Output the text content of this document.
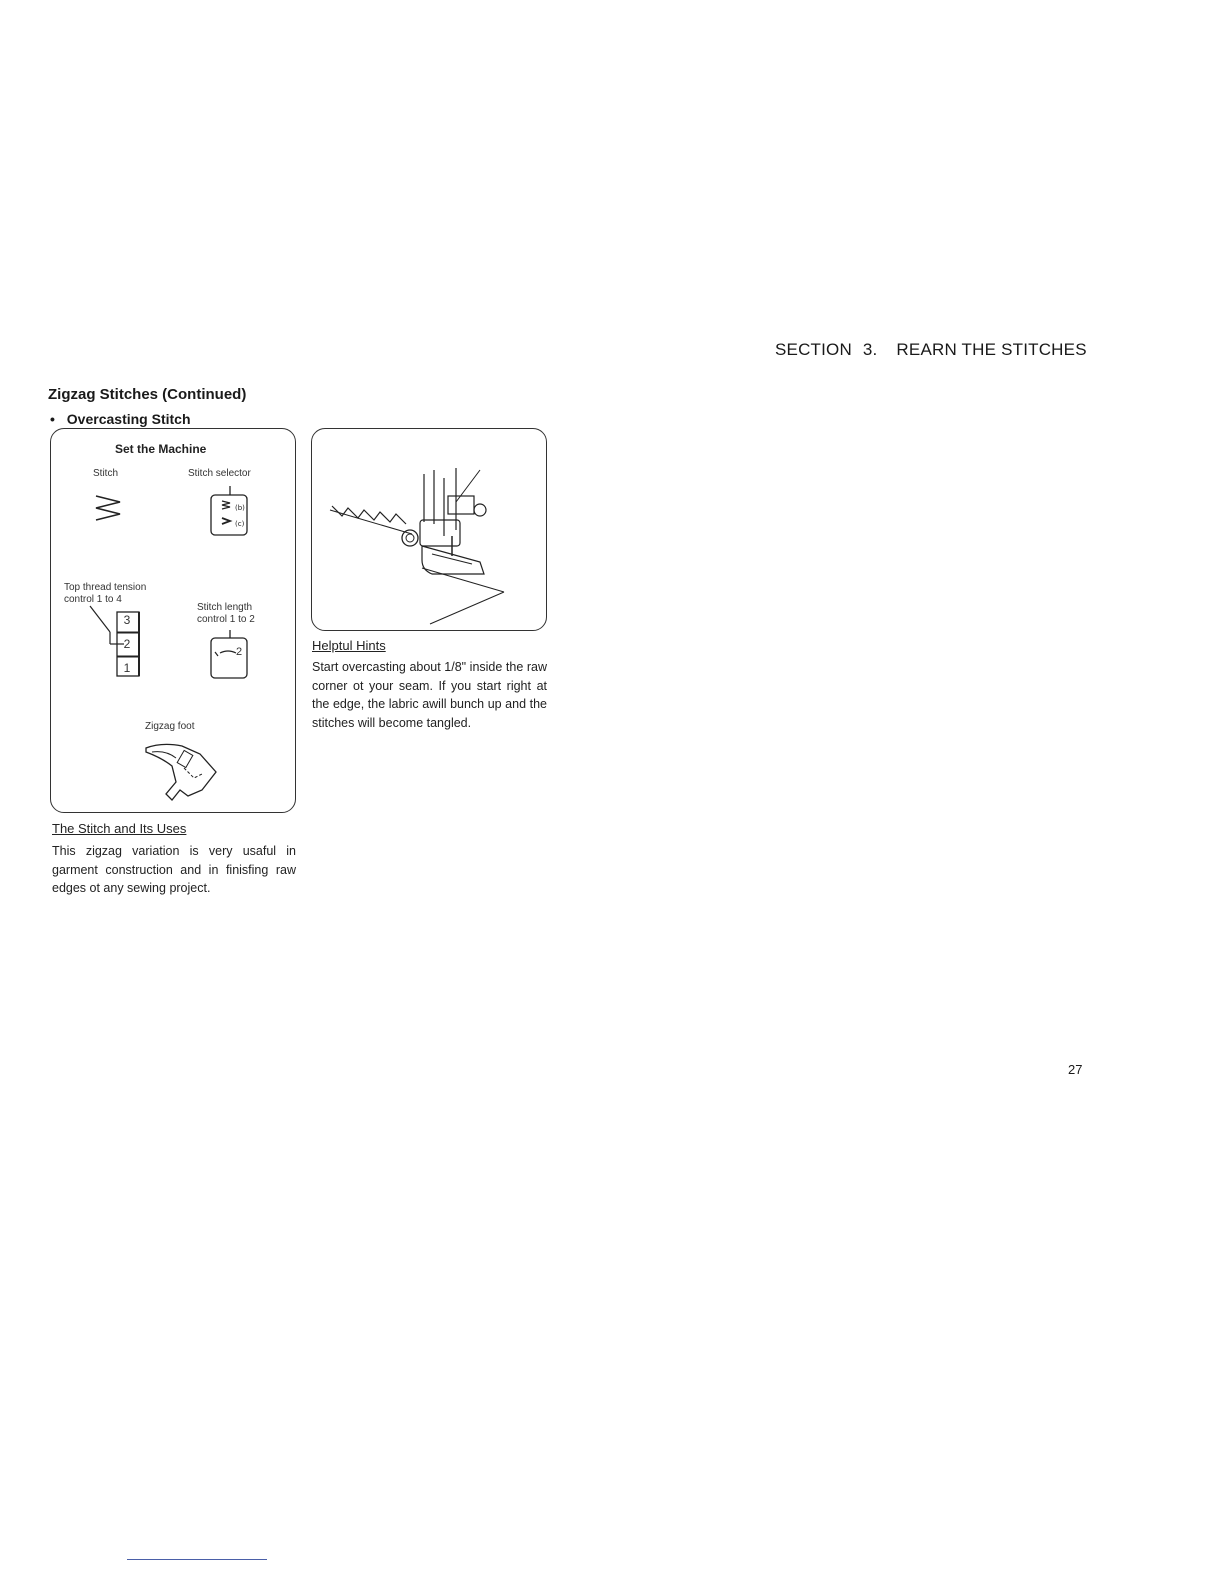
SECTION 3. REARN THE STITCHES
Zigzag Stitches (Continued)
• Overcasting Stitch
Set the Machine
Stitch	Stitch selector
(b)
(c)
Top thread tension
control 1 to 4
Stitch length
control 1 to 2
3
2
1
2
Zigzag foot
The Stitch and Its Uses
This zigzag variation is very usaful in garment construction and in finisfing raw edges ot any sewing project.
Helptul Hints
Start overcasting about 1/8" inside the raw corner ot your seam. If you start right at the edge, the labric awill bunch up and the stitches will become tangled.
27
